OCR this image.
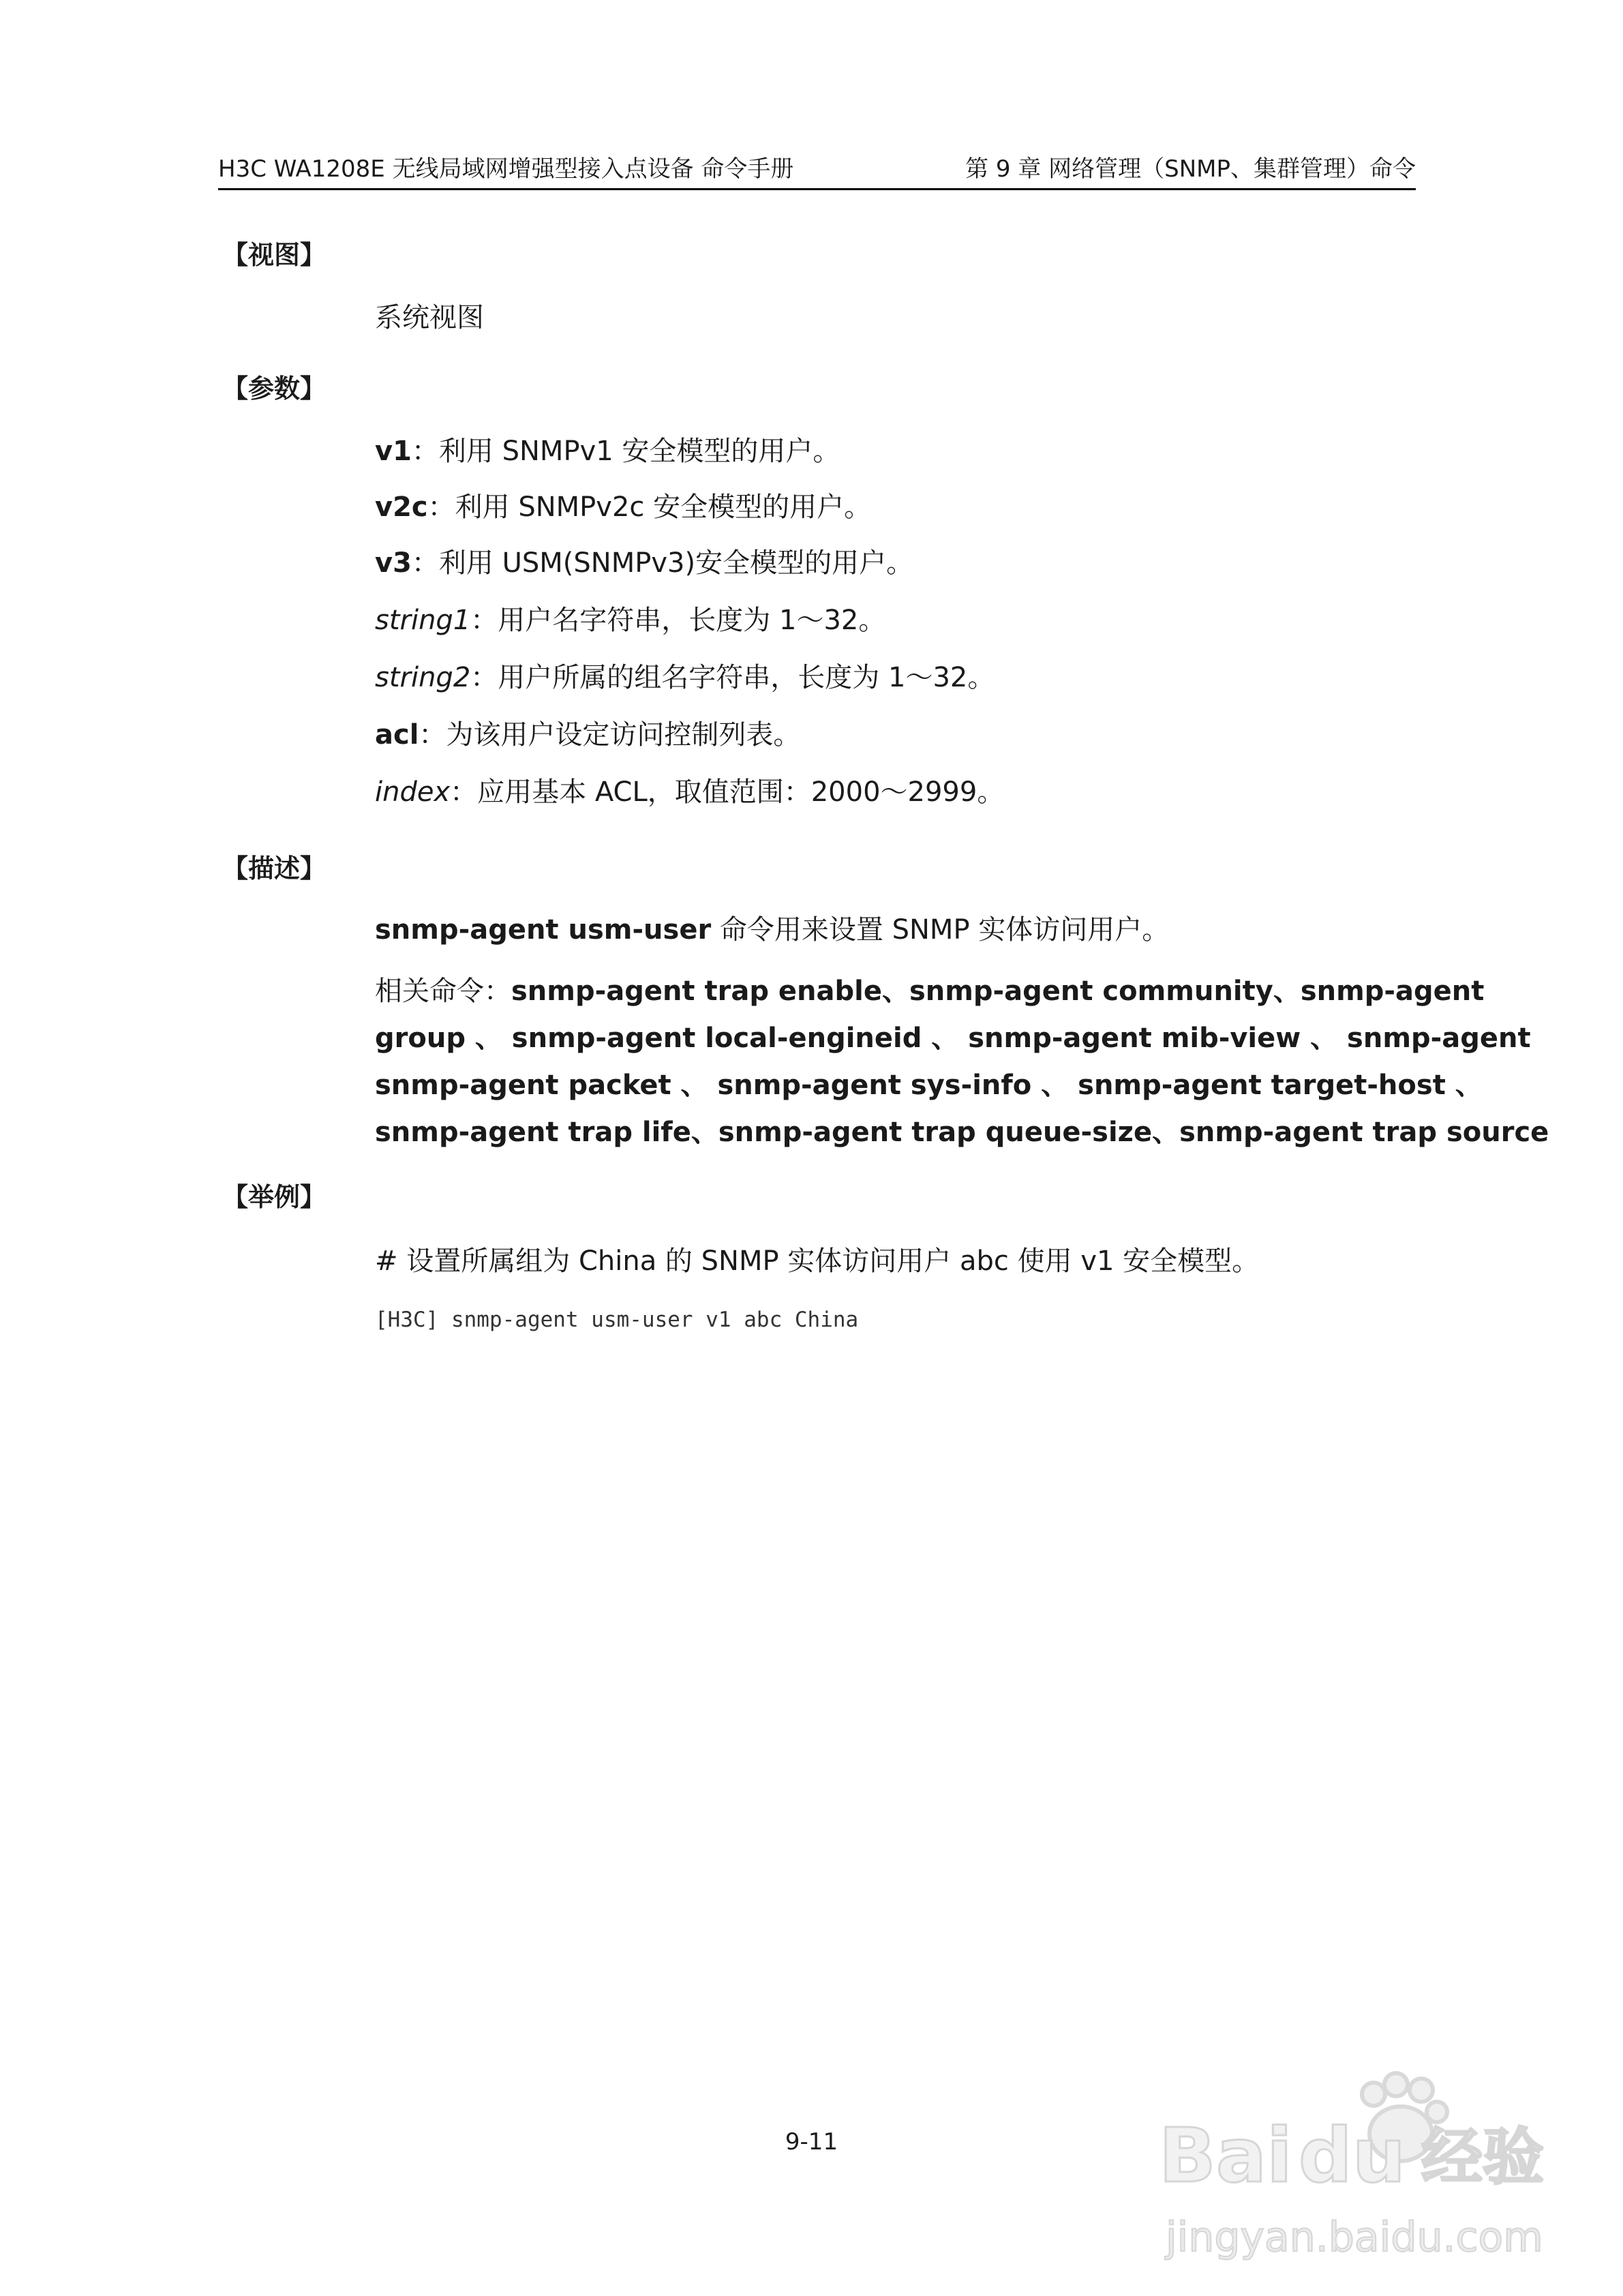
H3C WA1208E 无线局域网增强型接入点设备 命令手册	第 9 章 网络管理（SNMP、集群管理）命令
【视图】
系统视图
【参数】
v1：利用 SNMPv1 安全模型的用户。
v2c：利用 SNMPv2c 安全模型的用户。
v3：利用 USM(SNMPv3)安全模型的用户。
string1：用户名字符串，长度为 1～32。
string2：用户所属的组名字符串，长度为 1～32。
acl：为该用户设定访问控制列表。
index：应用基本 ACL，取值范围：2000～2999。
【描述】
snmp-agent usm-user 命令用来设置 SNMP 实体访问用户。
相关命令：snmp-agent trap enable、snmp-agent community、snmp-agent
group 、 snmp-agent local-engineid 、 snmp-agent mib-view 、 snmp-agent
snmp-agent packet 、 snmp-agent sys-info 、 snmp-agent target-host 、
snmp-agent trap life、snmp-agent trap queue-size、snmp-agent trap source
【举例】
# 设置所属组为 China 的 SNMP 实体访问用户 abc 使用 v1 安全模型。
[H3C] snmp-agent usm-user v1 abc China
9-11	Bai du 经验
jingyan.baidu.com
